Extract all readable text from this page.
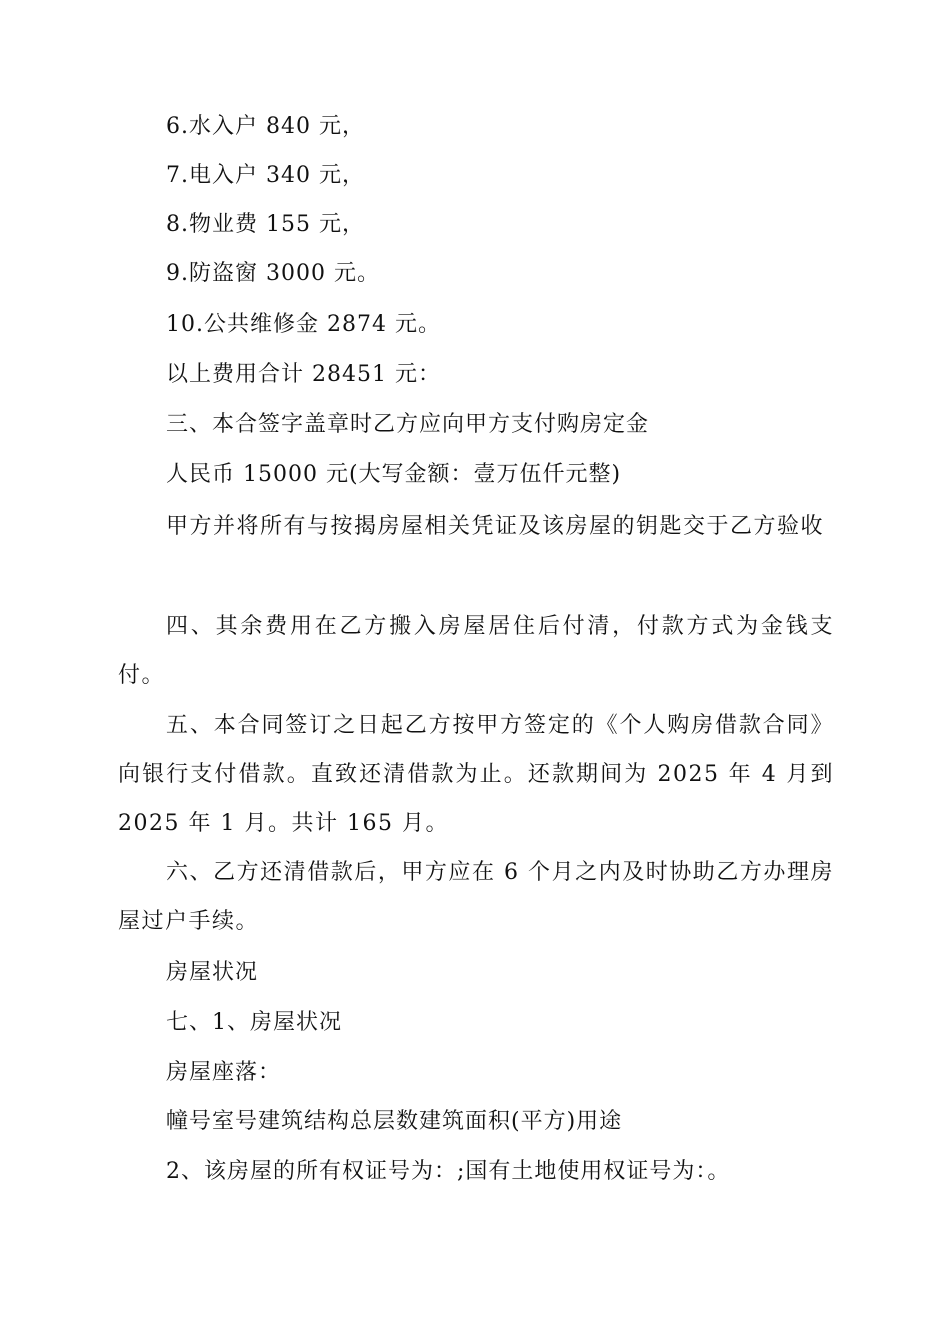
6.水入户 840 元，
7.电入户 340 元，
8.物业费 155 元，
9.防盗窗 3000 元。
10.公共维修金 2874 元。
以上费用合计 28451 元：
三、本合签字盖章时乙方应向甲方支付购房定金
人民币 15000 元(大写金额：壹万伍仟元整)
甲方并将所有与按揭房屋相关凭证及该房屋的钥匙交于乙方验收
四、其余费用在乙方搬入房屋居住后付清，付款方式为金钱支付。
五、本合同签订之日起乙方按甲方签定的《个人购房借款合同》向银行支付借款。直致还清借款为止。还款期间为 2025 年 4 月到 2025 年 1 月。共计 165 月。
六、乙方还清借款后，甲方应在 6 个月之内及时协助乙方办理房屋过户手续。
房屋状况
七、1、房屋状况
房屋座落：
幢号室号建筑结构总层数建筑面积(平方)用途
2、该房屋的所有权证号为：;国有土地使用权证号为：。
